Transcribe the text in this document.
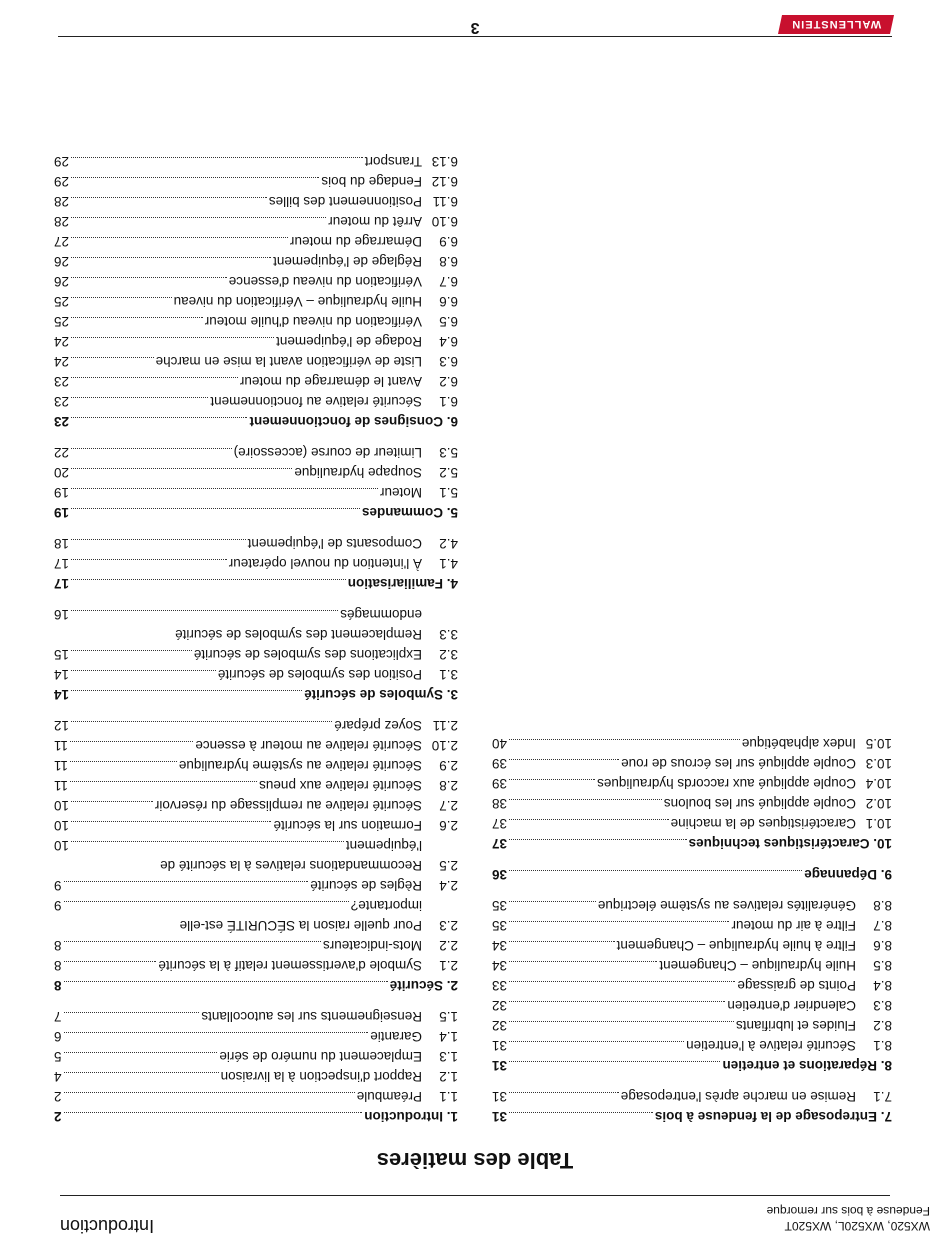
WX520, WX520L, WX520T
Fendeuse à bois sur remorque
Introduction
Table des matières
1. Introduction
2
1.1
Préambule
2
1.2
Rapport d'inspection à la livraison
4
1.3
Emplacement du numéro de série
5
1.4
Garantie
6
1.5
Renseignements sur les autocollants
7
2. Sécurité
8
2.1
Symbole d'avertissement relatif à la sécurité
8
2.2
Mots-indicateurs
8
2.3
Pour quelle raison la SÉCURITÉ est-elle
importante?
9
2.4
Règles de sécurité
9
2.5
Recommandations relatives à la sécurité de
l'équipement
10
2.6
Formation sur la sécurité
10
2.7
Sécurité relative au remplissage du réservoir
10
2.8
Sécurité relative aux pneus
11
2.9
Sécurité relative au système hydraulique
11
2.10
Sécurité relative au moteur à essence
11
2.11
Soyez préparé
12
3. Symboles de sécurité
14
3.1
Position des symboles de sécurité
14
3.2
Explications des symboles de sécurité
15
3.3
Remplacement des symboles de sécurité
endommagés
16
4. Familiarisation
17
4.1
À l'intention du nouvel opérateur
17
4.2
Composants de l'équipement
18
5. Commandes
19
5.1
Moteur
19
5.2
Soupape hydraulique
20
5.3
Limiteur de course (accessoire)
22
6. Consignes de fonctionnement
23
6.1
Sécurité relative au fonctionnement
23
6.2
Avant le démarrage du moteur
23
6.3
Liste de vérification avant la mise en marche
24
6.4
Rodage de l'équipement
24
6.5
Vérification du niveau d'huile moteur
25
6.6
Huile hydraulique – Vérification du niveau
25
6.7
Vérification du niveau d'essence
26
6.8
Réglage de l'équipement
26
6.9
Démarrage du moteur
27
6.10
Arrêt du moteur
28
6.11
Positionnement des billes
28
6.12
Fendage du bois
29
6.13
Transport
29
7. Entreposage de la fendeuse à bois
31
7.1
Remise en marche après l'entreposage
31
8. Réparations et entretien
31
8.1
Sécurité relative à l'entretien
31
8.2
Fluides et lubrifiants
32
8.3
Calendrier d'entretien
32
8.4
Points de graissage
33
8.5
Huile hydraulique – Changement
34
8.6
Filtre à huile hydraulique – Changement
34
8.7
Filtre à air du moteur
35
8.8
Généralités relatives au système électrique
35
9. Dépannage
36
10. Caractéristiques techniques
37
10.1
Caractéristiques de la machine
37
10.2
Couple appliqué sur les boulons
38
10.4
Couple appliqué aux raccords hydrauliques
39
10.3
Couple appliqué sur les écrous de roue
39
10.5
Index alphabétique
40
3	WALLENSTEIN
